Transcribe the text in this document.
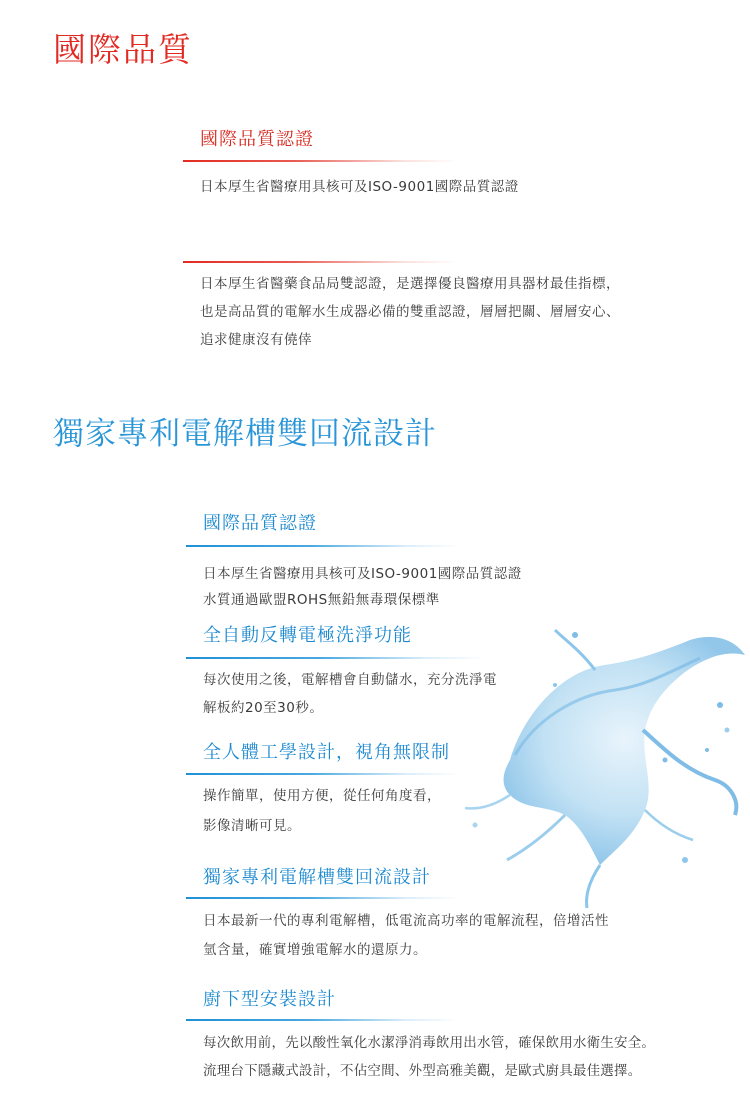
國際品質
國際品質認證
日本厚生省醫療用具核可及ISO-9001國際品質認證
日本厚生省醫藥食品局雙認證，是選擇優良醫療用具器材最佳指標，
也是高品質的電解水生成器必備的雙重認證，層層把關、層層安心、
追求健康沒有僥倖
獨家專利電解槽雙回流設計
國際品質認證
日本厚生省醫療用具核可及ISO-9001國際品質認證
水質通過歐盟ROHS無鉛無毒環保標準
全自動反轉電極洗淨功能
每次使用之後，電解槽會自動儲水，充分洗淨電
解板約20至30秒。
全人體工學設計，視角無限制
操作簡單，使用方便，從任何角度看，
影像清晰可見。
獨家專利電解槽雙回流設計
日本最新一代的專利電解槽，低電流高功率的電解流程，倍增活性
氫含量，確實增強電解水的還原力。
廚下型安裝設計
每次飲用前，先以酸性氧化水潔淨消毒飲用出水管，確保飲用水衛生安全。
流理台下隱藏式設計，不佔空間、外型高雅美觀，是歐式廚具最佳選擇。
